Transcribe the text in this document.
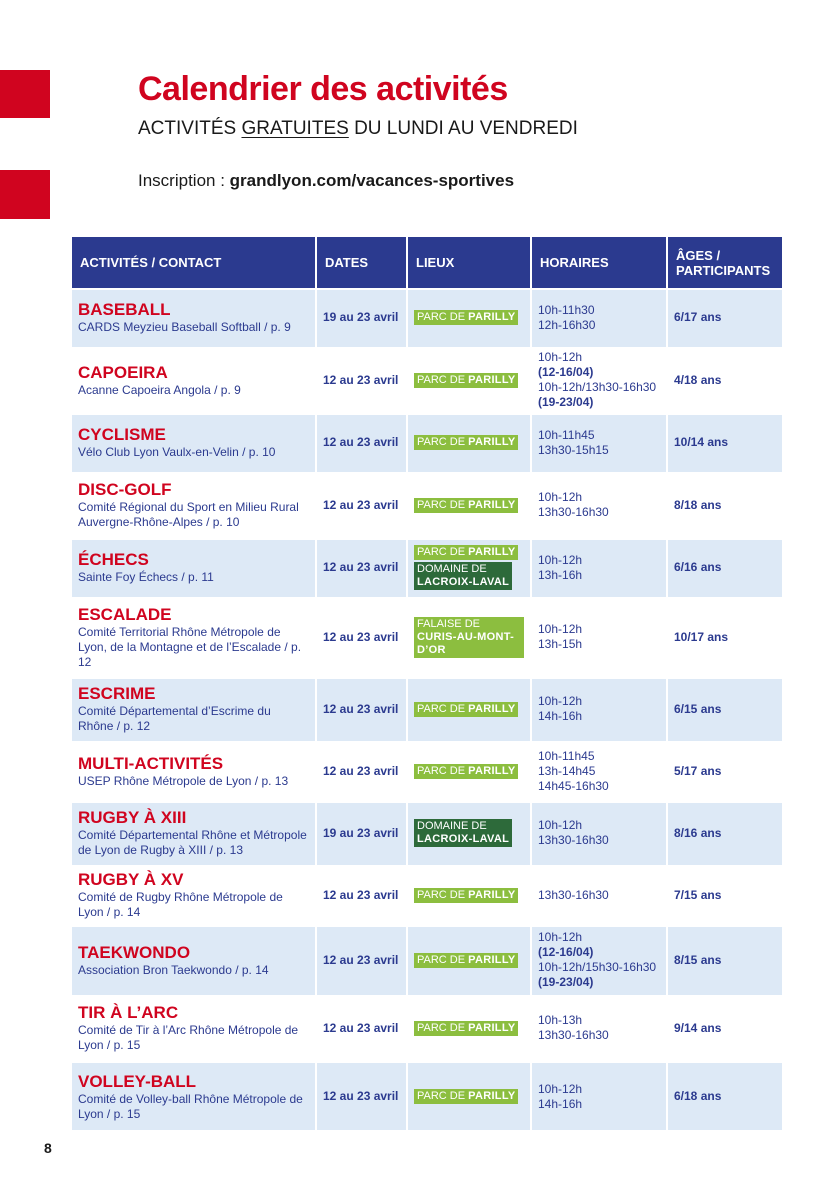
Calendrier des activités
ACTIVITÉS GRATUITES DU LUNDI AU VENDREDI
Inscription : grandlyon.com/vacances-sportives
ACTIVITÉS / CONTACT	DATES	LIEUX	HORAIRES	ÂGES /
PARTICIPANTS

BASEBALL
CARDS Meyzieu Baseball Softball / p. 9	19 au 23 avril	PARC DE PARILLY	10h-11h30
12h-16h30	6/17 ans

CAPOEIRA
Acanne Capoeira Angola / p. 9	12 au 23 avril	PARC DE PARILLY	10h-12h
(12-16/04)
10h-12h/13h30-16h30
(19-23/04)	4/18 ans

CYCLISME
Vélo Club Lyon Vaulx-en-Velin / p. 10	12 au 23 avril	PARC DE PARILLY	10h-11h45
13h30-15h15	10/14 ans

DISC-GOLF
Comité Régional du Sport en Milieu Rural Auvergne-Rhône-Alpes / p. 10	12 au 23 avril	PARC DE PARILLY	10h-12h
13h30-16h30	8/18 ans

ÉCHECS
Sainte Foy Échecs / p. 11	12 au 23 avril	PARC DE PARILLY
DOMAINE DE
LACROIX-LAVAL	10h-12h
13h-16h	6/16 ans

ESCALADE
Comité Territorial Rhône Métropole de Lyon, de la Montagne et de l’Escalade / p. 12	12 au 23 avril	FALAISE DE CURIS-AU-MONT-D’OR	10h-12h
13h-15h	10/17 ans

ESCRIME
Comité Départemental d’Escrime du Rhône / p. 12	12 au 23 avril	PARC DE PARILLY	10h-12h
14h-16h	6/15 ans

MULTI-ACTIVITÉS
USEP Rhône Métropole de Lyon / p. 13	12 au 23 avril	PARC DE PARILLY	10h-11h45
13h-14h45
14h45-16h30	5/17 ans

RUGBY À XIII
Comité Départemental Rhône et Métropole de Lyon de Rugby à XIII / p. 13	19 au 23 avril	DOMAINE DE
LACROIX-LAVAL	10h-12h
13h30-16h30	8/16 ans

RUGBY À XV
Comité de Rugby Rhône Métropole de Lyon / p. 14	12 au 23 avril	PARC DE PARILLY	13h30-16h30	7/15 ans

TAEKWONDO
Association Bron Taekwondo / p. 14	12 au 23 avril	PARC DE PARILLY	10h-12h
(12-16/04)
10h-12h/15h30-16h30
(19-23/04)	8/15 ans

TIR À L’ARC
Comité de Tir à l’Arc Rhône Métropole de Lyon / p. 15	12 au 23 avril	PARC DE PARILLY	10h-13h
13h30-16h30	9/14 ans

VOLLEY-BALL
Comité de Volley-ball Rhône Métropole de Lyon / p. 15	12 au 23 avril	PARC DE PARILLY	10h-12h
14h-16h	6/18 ans
8
